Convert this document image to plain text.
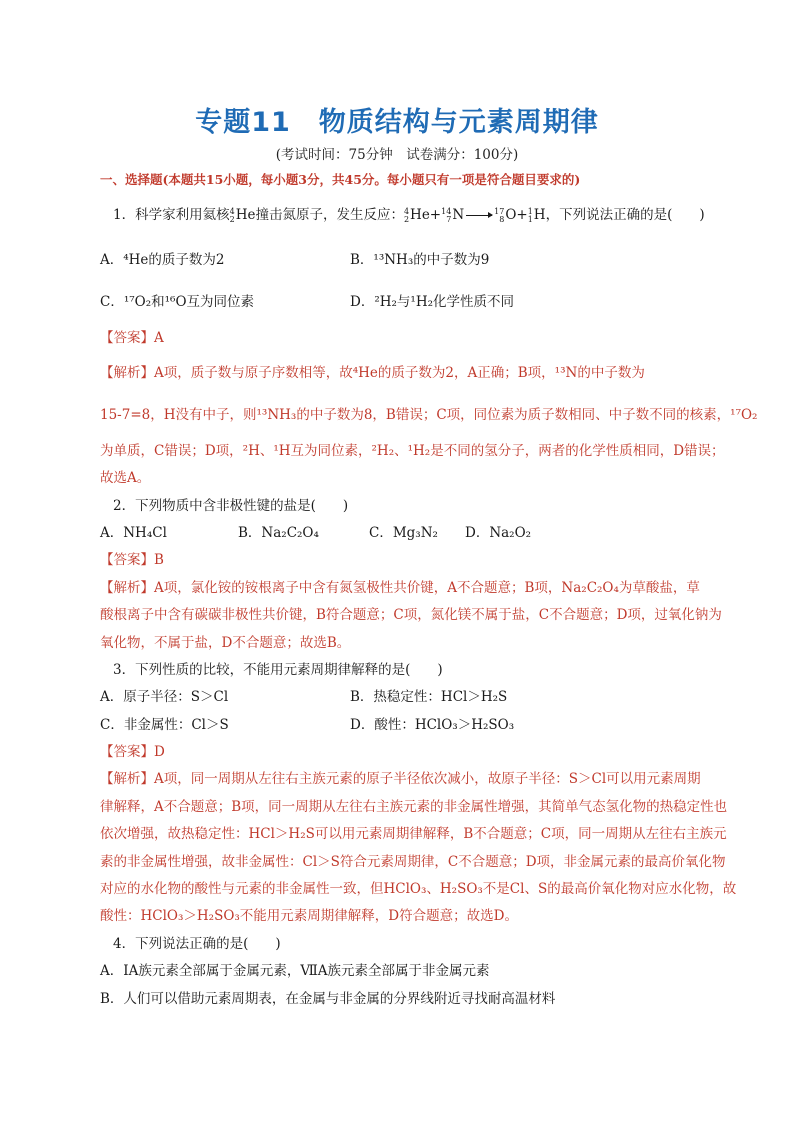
专题11　物质结构与元素周期律
(考试时间：75分钟　试卷满分：100分)
一、选择题(本题共15小题，每小题3分，共45分。每小题只有一项是符合题目要求的)
1．科学家利用氦核 4
2 He撞击氮原子，发生反应： 4
2 He+ 14
7 N	17
8 O+ 1
1 H，下列说法正确的是(　　)
A．⁴He的质子数为2	B．¹³NH₃的中子数为9
C．¹⁷O₂和¹⁶O互为同位素	D．²H₂与¹H₂化学性质不同
【答案】A
【解析】A项，质子数与原子序数相等，故⁴He的质子数为2，A正确；B项，¹³N的中子数为
15-7=8，H没有中子，则¹³NH₃的中子数为8，B错误；C项，同位素为质子数相同、中子数不同的核素，¹⁷O₂
为单质，C错误；D项，²H、¹H互为同位素，²H₂、¹H₂是不同的氢分子，两者的化学性质相同，D错误；
故选A。
2．下列物质中含非极性键的盐是(　　)
A．NH₄Cl	B．Na₂C₂O₄	C．Mg₃N₂ D．Na₂O₂
【答案】B
【解析】A项，氯化铵的铵根离子中含有氮氢极性共价键，A不合题意；B项，Na₂C₂O₄为草酸盐，草
酸根离子中含有碳碳非极性共价键，B符合题意；C项，氮化镁不属于盐，C不合题意；D项，过氧化钠为
氧化物，不属于盐，D不合题意；故选B。
3．下列性质的比较，不能用元素周期律解释的是(　　)
A．原子半径：S＞Cl	B．热稳定性：HCl＞H₂S
C．非金属性：Cl＞S	D．酸性：HClO₃＞H₂SO₃
【答案】D
【解析】A项，同一周期从左往右主族元素的原子半径依次减小，故原子半径：S＞Cl可以用元素周期
律解释，A不合题意；B项，同一周期从左往右主族元素的非金属性增强，其简单气态氢化物的热稳定性也
依次增强，故热稳定性：HCl＞H₂S可以用元素周期律解释，B不合题意；C项，同一周期从左往右主族元
素的非金属性增强，故非金属性：Cl＞S符合元素周期律，C不合题意；D项，非金属元素的最高价氧化物
对应的水化物的酸性与元素的非金属性一致，但HClO₃、H₂SO₃不是Cl、S的最高价氧化物对应水化物，故
酸性：HClO₃＞H₂SO₃不能用元素周期律解释，D符合题意；故选D。
4．下列说法正确的是(　　)
A．ⅠA族元素全部属于金属元素，ⅦA族元素全部属于非金属元素
B．人们可以借助元素周期表，在金属与非金属的分界线附近寻找耐高温材料
